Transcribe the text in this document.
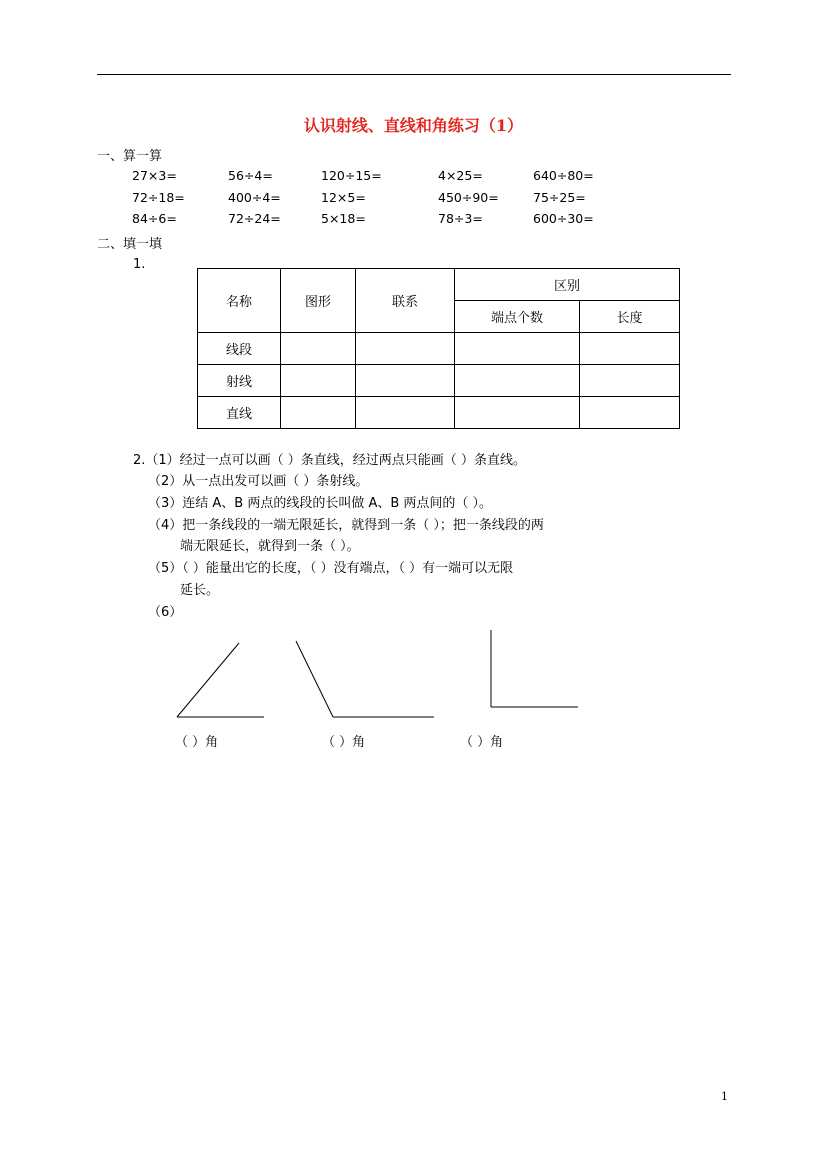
认识射线、直线和角练习（1）
一、算一算
27×3=	56÷4=	120÷15=	4×25=	640÷80=
72÷18=	400÷4=	12×5=	450÷90=	75÷25=
84÷6=	72÷24=	5×18=	78÷3=	600÷30=
二、填一填
1.
名称	图形	联系	区别	
			端点个数	长度
线段				
射线				
直线				
2.（1）经过一点可以画（ ）条直线，经过两点只能画（ ）条直线。
（2）从一点出发可以画（ ）条射线。
（3）连结 A、B 两点的线段的长叫做 A、B 两点间的（ ）。
（4）把一条线段的一端无限延长，就得到一条（ ）；把一条线段的两
端无限延长，就得到一条（ ）。
（5）（ ）能量出它的长度，（ ）没有端点，（ ）有一端可以无限
延长。
（6）
（ ）角	（ ）角	（ ）角
1
